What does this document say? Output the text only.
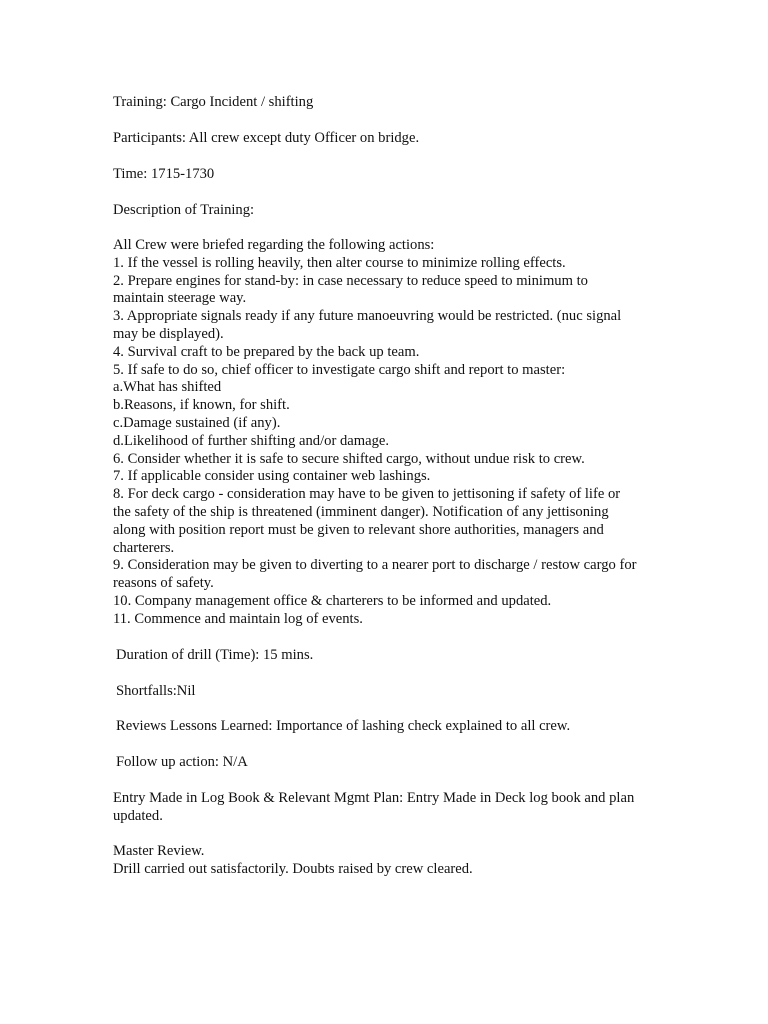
Training: Cargo Incident / shifting

Participants: All crew except duty Officer on bridge.

Time: 1715-1730

Description of Training:

All Crew were briefed regarding the following actions:
1. If the vessel is rolling heavily, then alter course to minimize rolling effects.
2. Prepare engines for stand-by: in case necessary to reduce speed to minimum to
maintain steerage way.
3. Appropriate signals ready if any future manoeuvring would be restricted. (nuc signal
may be displayed).
4. Survival craft to be prepared by the back up team.
5. If safe to do so, chief officer to investigate cargo shift and report to master:
a.What has shifted
b.Reasons, if known, for shift.
c.Damage sustained (if any).
d.Likelihood of further shifting and/or damage.
6. Consider whether it is safe to secure shifted cargo, without undue risk to crew.
7. If applicable consider using container web lashings.
8. For deck cargo - consideration may have to be given to jettisoning if safety of life or
the safety of the ship is threatened (imminent danger). Notification of any jettisoning
along with position report must be given to relevant shore authorities, managers and
charterers.
9. Consideration may be given to diverting to a nearer port to discharge / restow cargo for
reasons of safety.
10. Company management office & charterers to be informed and updated.
11. Commence and maintain log of events.

Duration of drill (Time): 15 mins.

Shortfalls:Nil

Reviews Lessons Learned: Importance of lashing check explained to all crew.

Follow up action: N/A

Entry Made in Log Book & Relevant Mgmt Plan: Entry Made in Deck log book and plan
updated.
Master Review.
Drill carried out satisfactorily. Doubts raised by crew cleared.
